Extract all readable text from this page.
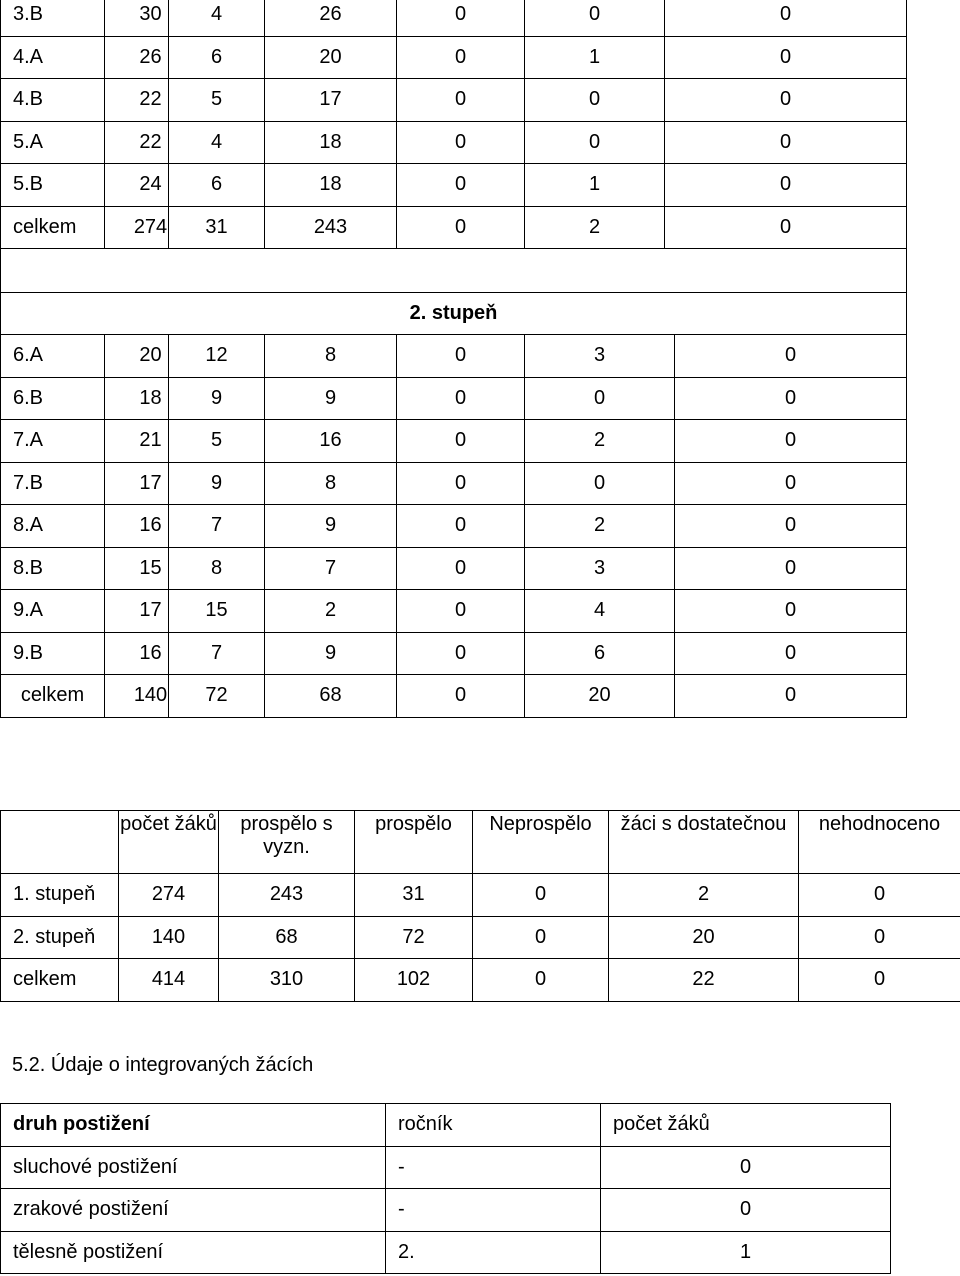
3.B	30	4	26	0	0	0
4.A	26	6	20	0	1	0
4.B	22	5	17	0	0	0
5.A	22	4	18	0	0	0
5.B	24	6	18	0	1	0
celkem	274	31	243	0	2	0

2. stupeň						
6.A	20	12	8	0	3	0
6.B	18	9	9	0	0	0
7.A	21	5	16	0	2	0
7.B	17	9	8	0	0	0
8.A	16	7	9	0	2	0
8.B	15	8	7	0	3	0
9.A	17	15	2	0	4	0
9.B	16	7	9	0	6	0
celkem	140	72	68	0	20	0
	počet žáků	prospělo s vyzn.	prospělo	Neprospělo	žáci s dostatečnou	nehodnoceno
1. stupeň	274	243	31	0	2	0
2. stupeň	140	68	72	0	20	0
celkem	414	310	102	0	22	0
5.2. Údaje o integrovaných žácích
druh postižení	ročník	počet žáků
sluchové postižení	-	0
zrakové postižení	-	0
tělesně postižení	2.	1
